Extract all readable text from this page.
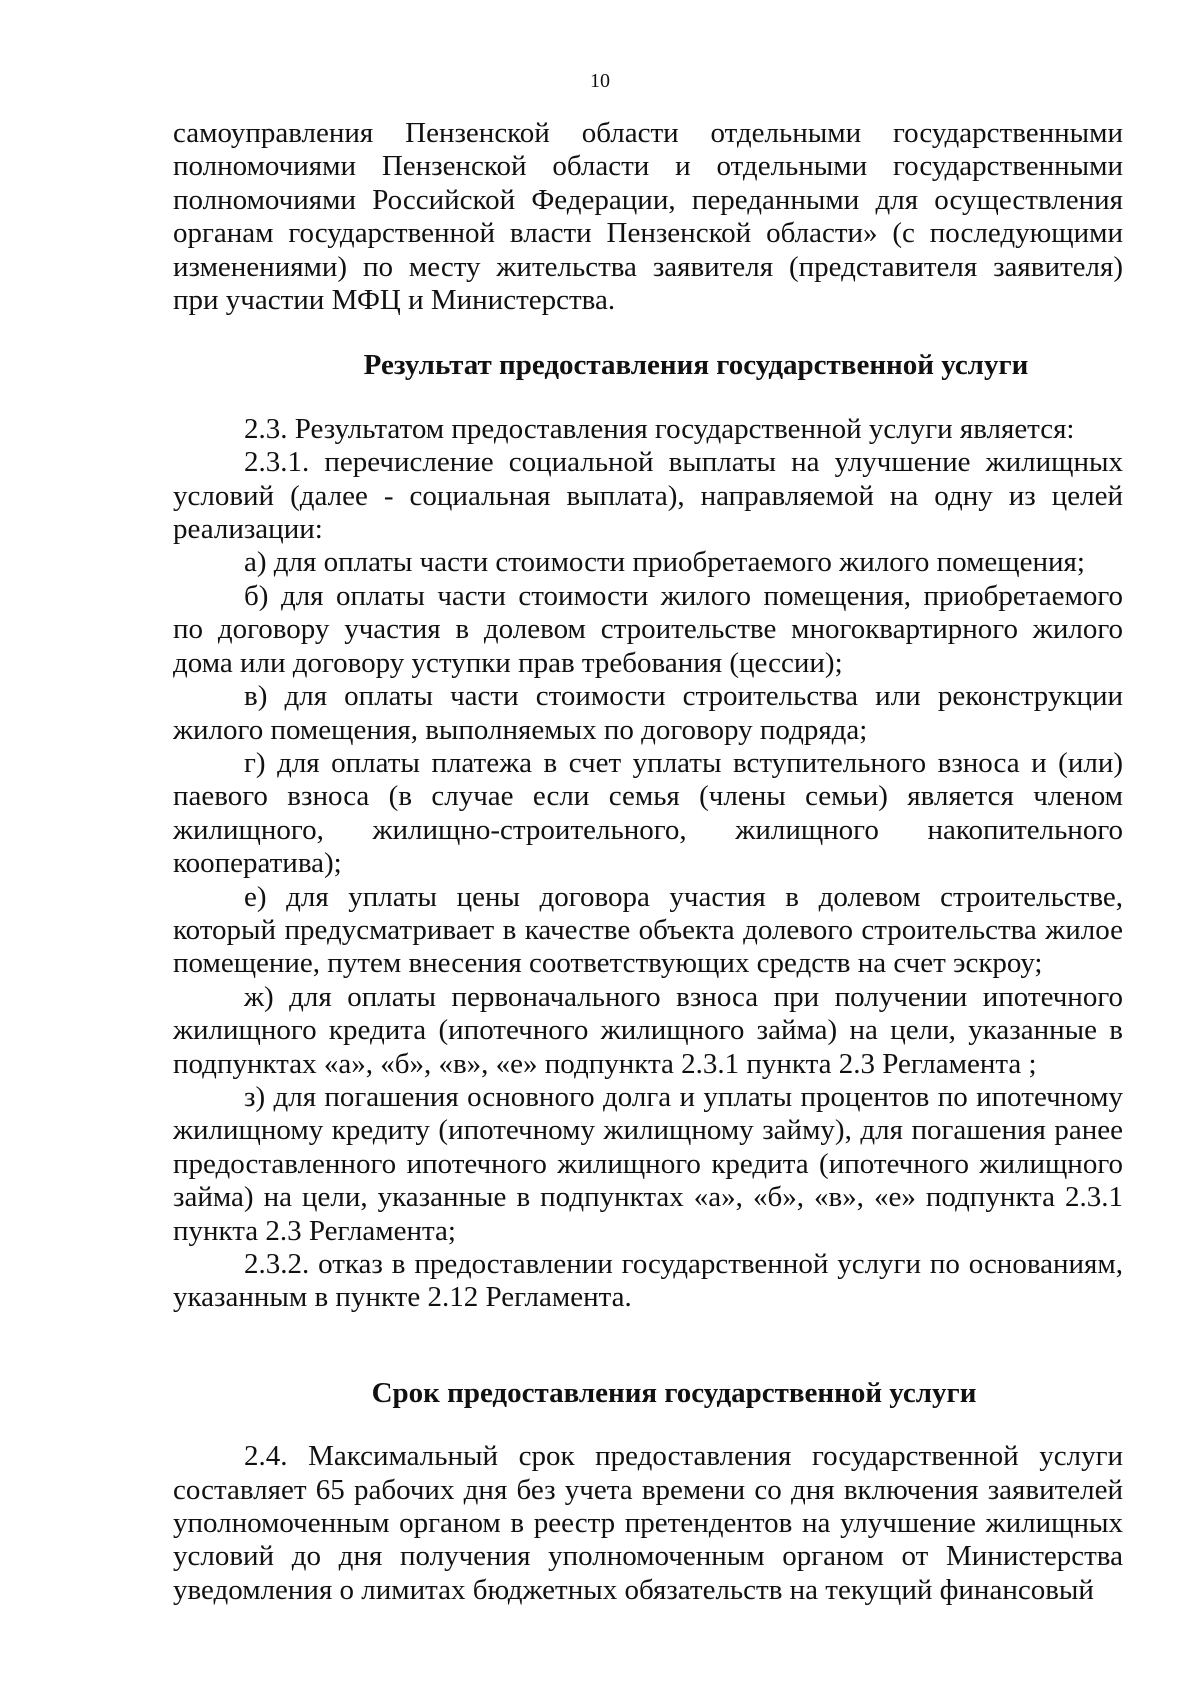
10

самоуправления Пензенской области отдельными государственными полномочиями Пензенской области и отдельными государственными полномочиями Российской Федерации, переданными для осуществления органам государственной власти Пензенской области» (с последующими изменениями) по месту жительства заявителя (представителя заявителя) при участии МФЦ и Министерства.

Результат предоставления государственной услуги

2.3. Результатом предоставления государственной услуги является:

2.3.1. перечисление социальной выплаты на улучшение жилищных условий (далее - социальная выплата), направляемой на одну из целей реализации:

а) для оплаты части стоимости приобретаемого жилого помещения;

б) для оплаты части стоимости жилого помещения, приобретаемого по договору участия в долевом строительстве многоквартирного жилого дома или договору уступки прав требования (цессии);

в) для оплаты части стоимости строительства или реконструкции жилого помещения, выполняемых по договору подряда;

г) для оплаты платежа в счет уплаты вступительного взноса и (или) паевого взноса (в случае если семья (члены семьи) является членом жилищного, жилищно-строительного, жилищного накопительного кооператива);

е) для уплаты цены договора участия в долевом строительстве, который предусматривает в качестве объекта долевого строительства жилое помещение, путем внесения соответствующих средств на счет эскроу;

ж) для оплаты первоначального взноса при получении ипотечного жилищного кредита (ипотечного жилищного займа) на цели, указанные в подпунктах «а», «б», «в», «е» подпункта 2.3.1 пункта 2.3 Регламента ;

з) для погашения основного долга и уплаты процентов по ипотечному жилищному кредиту (ипотечному жилищному займу), для погашения ранее предоставленного ипотечного жилищного кредита (ипотечного жилищного займа) на цели, указанные в подпунктах «а», «б», «в», «е» подпункта 2.3.1 пункта 2.3 Регламента;

2.3.2. отказ в предоставлении государственной услуги по основаниям, указанным в пункте 2.12 Регламента.

Срок предоставления государственной услуги

2.4. Максимальный срок предоставления государственной услуги составляет 65 рабочих дня без учета времени со дня включения заявителей уполномоченным органом в реестр претендентов на улучшение жилищных условий до дня получения уполномоченным органом от Министерства уведомления о лимитах бюджетных обязательств на текущий финансовый
